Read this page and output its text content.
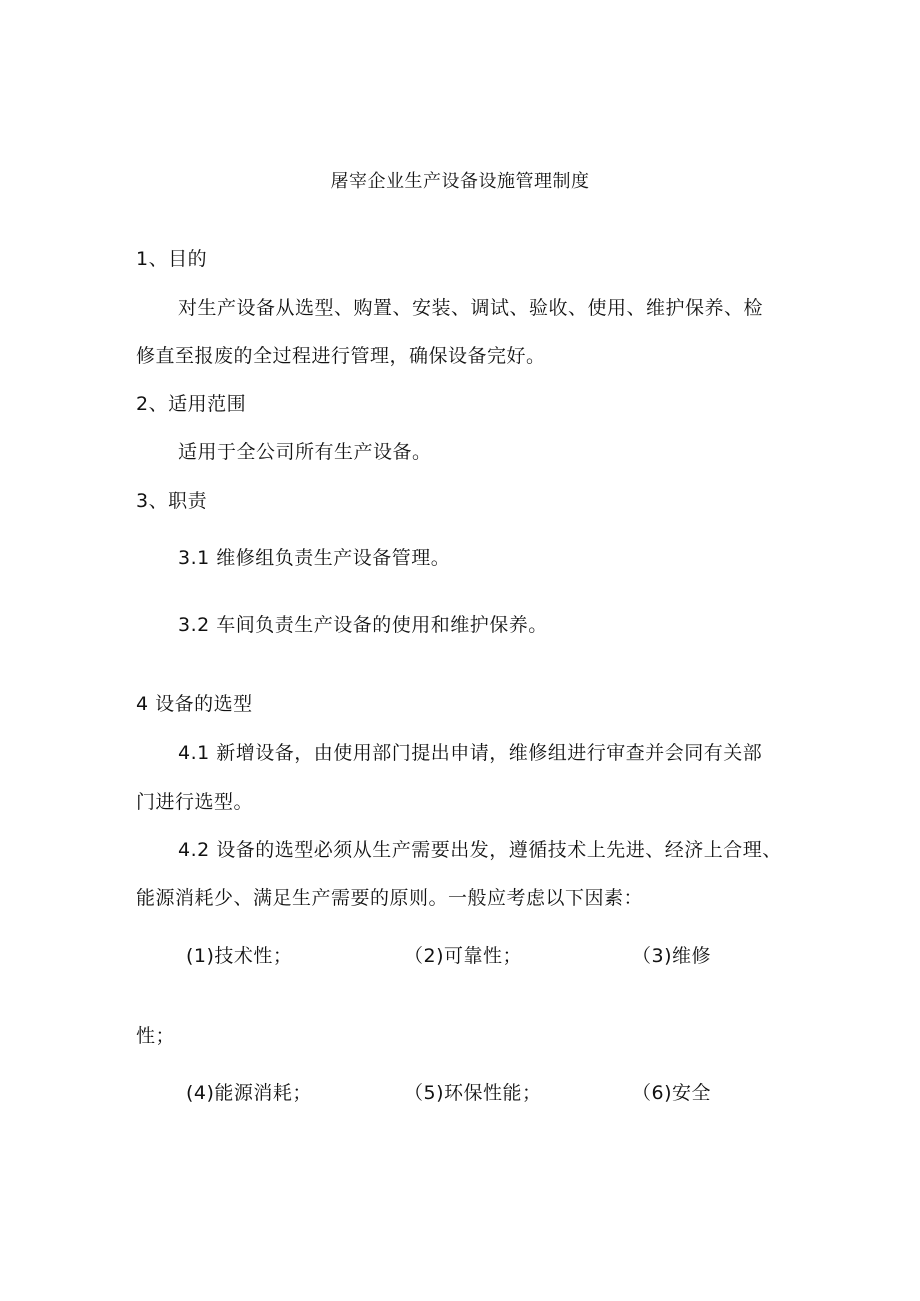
屠宰企业生产设备设施管理制度
1、目的
对生产设备从选型、购置、安装、调试、验收、使用、维护保养、检
修直至报废的全过程进行管理，确保设备完好。
2、适用范围
适用于全公司所有生产设备。
3、职责
3.1 维修组负责生产设备管理。
3.2 车间负责生产设备的使用和维护保养。
4 设备的选型
4.1 新增设备，由使用部门提出申请，维修组进行审查并会同有关部
门进行选型。
4.2 设备的选型必须从生产需要出发，遵循技术上先进、经济上合理、
能源消耗少、满足生产需要的原则。一般应考虑以下因素：
(1)技术性；	（2)可靠性；	（3)维修
性；
(4)能源消耗；	（5)环保性能；	（6)安全
